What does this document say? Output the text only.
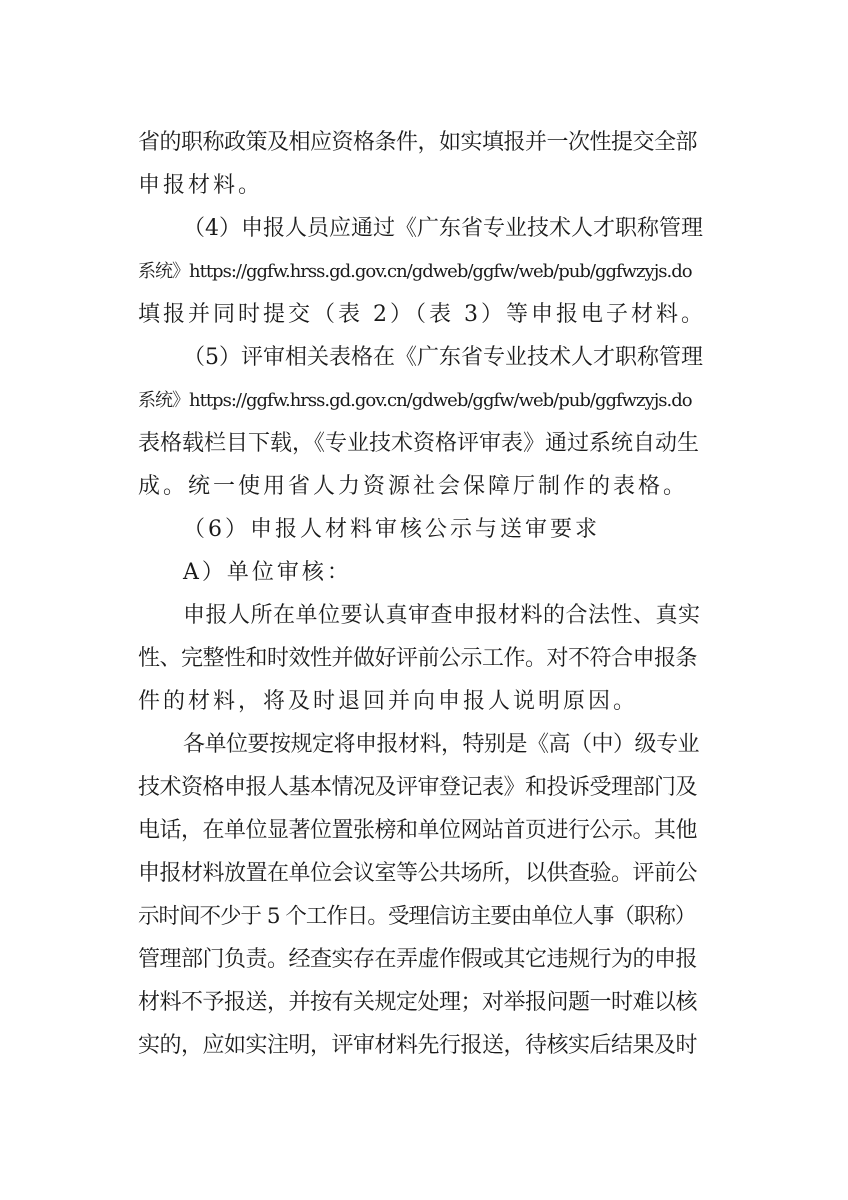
省的职称政策及相应资格条件，如实填报并一次性提交全部
申报材料。
（4）申报人员应通过《广东省专业技术人才职称管理
系统》https://ggfw.hrss.gd.gov.cn/gdweb/ggfw/web/pub/ggfwzyjs.do
填报并同时提交（表 2）（表 3）等申报电子材料。
（5）评审相关表格在《广东省专业技术人才职称管理
系统》https://ggfw.hrss.gd.gov.cn/gdweb/ggfw/web/pub/ggfwzyjs.do
表格载栏目下载，《专业技术资格评审表》通过系统自动生
成。统一使用省人力资源社会保障厅制作的表格。
（6）申报人材料审核公示与送审要求
A）单位审核：
申报人所在单位要认真审查申报材料的合法性、真实
性、完整性和时效性并做好评前公示工作。对不符合申报条
件的材料，将及时退回并向申报人说明原因。
各单位要按规定将申报材料，特别是《高（中）级专业
技术资格申报人基本情况及评审登记表》和投诉受理部门及
电话，在单位显著位置张榜和单位网站首页进行公示。其他
申报材料放置在单位会议室等公共场所，以供查验。评前公
示时间不少于 5 个工作日。受理信访主要由单位人事（职称）
管理部门负责。经查实存在弄虚作假或其它违规行为的申报
材料不予报送，并按有关规定处理；对举报问题一时难以核
实的，应如实注明，评审材料先行报送，待核实后结果及时
